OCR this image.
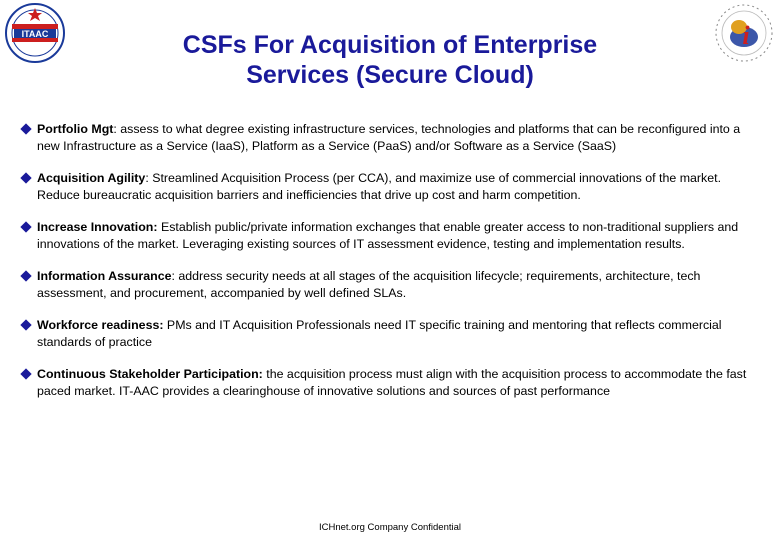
ITAAC	i
CSFs For Acquisition of Enterprise
Services (Secure Cloud)
Portfolio Mgt: assess to what degree existing infrastructure services, technologies and platforms that can be reconfigured into a new Infrastructure as a Service (IaaS), Platform as a Service (PaaS) and/or Software as a Service (SaaS)
Acquisition Agility: Streamlined Acquisition Process (per CCA), and maximize use of commercial innovations of the market. Reduce bureaucratic acquisition barriers and inefficiencies that drive up cost and harm competition.
Increase Innovation: Establish public/private information exchanges that enable greater access to non-traditional suppliers and innovations of the market. Leveraging existing sources of IT assessment evidence, testing and implementation results.
Information Assurance: address security needs at all stages of the acquisition lifecycle; requirements, architecture, tech assessment, and procurement, accompanied by well defined SLAs.
Workforce readiness: PMs and IT Acquisition Professionals need IT specific training and mentoring that reflects commercial standards of practice
Continuous Stakeholder Participation: the acquisition process must align with the acquisition process to accommodate the fast paced market. IT-AAC provides a clearinghouse of innovative solutions and sources of past performance
ICHnet.org Company Confidential
